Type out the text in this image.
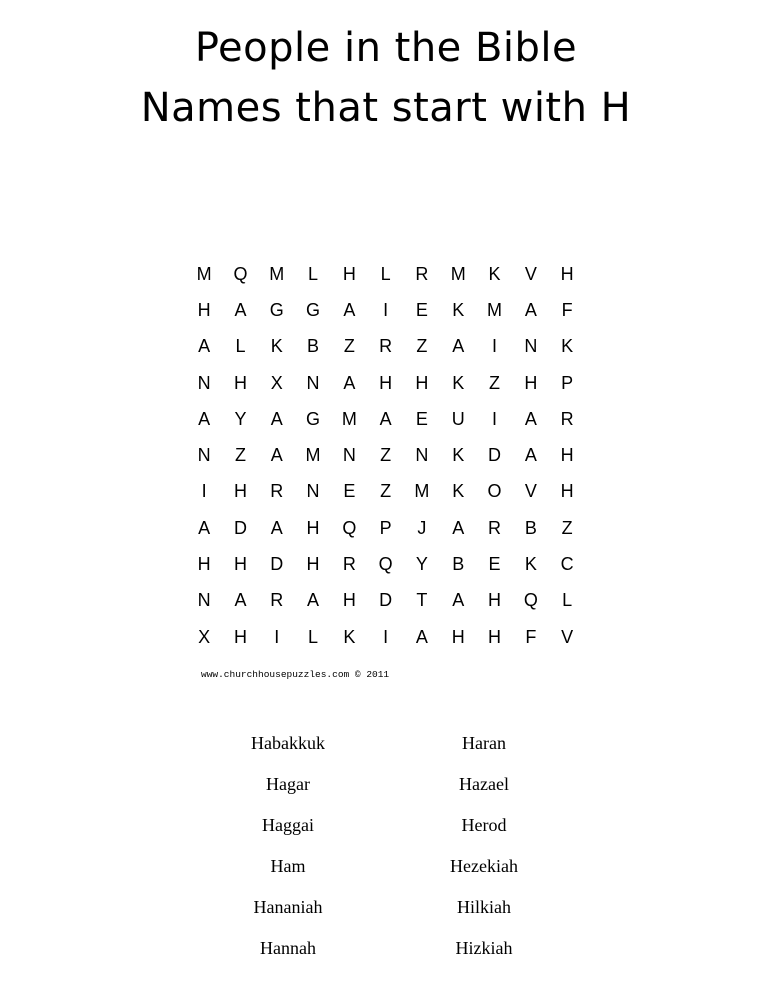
People in the Bible
Names that start with H
M	Q	M	L	H	L	R	M	K	V	H
H	A	G	G	A	I	E	K	M	A	F
A	L	K	B	Z	R	Z	A	I	N	K
N	H	X	N	A	H	H	K	Z	H	P
A	Y	A	G	M	A	E	U	I	A	R
N	Z	A	M	N	Z	N	K	D	A	H
I	H	R	N	E	Z	M	K	O	V	H
A	D	A	H	Q	P	J	A	R	B	Z
H	H	D	H	R	Q	Y	B	E	K	C
N	A	R	A	H	D	T	A	H	Q	L
X	H	I	L	K	I	A	H	H	F	V
www.churchhousepuzzles.com © 2011
Habakkuk
Hagar
Haggai
Ham
Hananiah
Hannah
Haran
Hazael
Herod
Hezekiah
Hilkiah
Hizkiah
